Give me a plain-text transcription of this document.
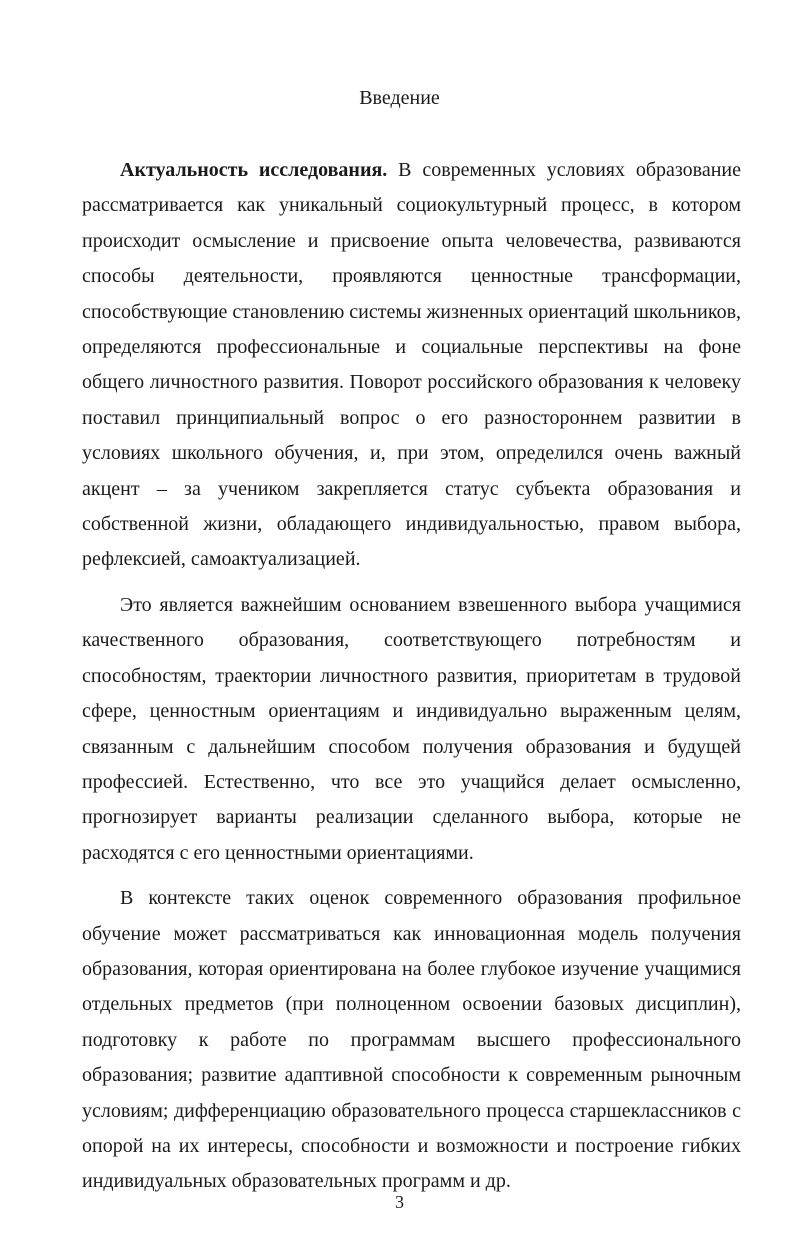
Введение

Актуальность исследования. В современных условиях образование рассматривается как уникальный социокультурный процесс, в котором происходит осмысление и присвоение опыта человечества, развиваются способы деятельности, проявляются ценностные трансформации, способствующие становлению системы жизненных ориентаций школьников, определяются профессиональные и социальные перспективы на фоне общего личностного развития. Поворот российского образования к человеку поставил принципиальный вопрос о его разностороннем развитии в условиях школьного обучения, и, при этом, определился очень важный акцент – за учеником закрепляется статус субъекта образования и собственной жизни, обладающего индивидуальностью, правом выбора, рефлексией, самоактуализацией.

Это является важнейшим основанием взвешенного выбора учащимися качественного образования, соответствующего потребностям и способностям, траектории личностного развития, приоритетам в трудовой сфере, ценностным ориентациям и индивидуально выраженным целям, связанным с дальнейшим способом получения образования и будущей профессией. Естественно, что все это учащийся делает осмысленно, прогнозирует варианты реализации сделанного выбора, которые не расходятся с его ценностными ориентациями.

В контексте таких оценок современного образования профильное обучение может рассматриваться как инновационная модель получения образования, которая ориентирована на более глубокое изучение учащимися отдельных предметов (при полноценном освоении базовых дисциплин), подготовку к работе по программам высшего профессионального образования; развитие адаптивной способности к современным рыночным условиям; дифференциацию образовательного процесса старшеклассников с опорой на их интересы, способности и возможности и построение гибких индивидуальных образовательных программ и др.

3
